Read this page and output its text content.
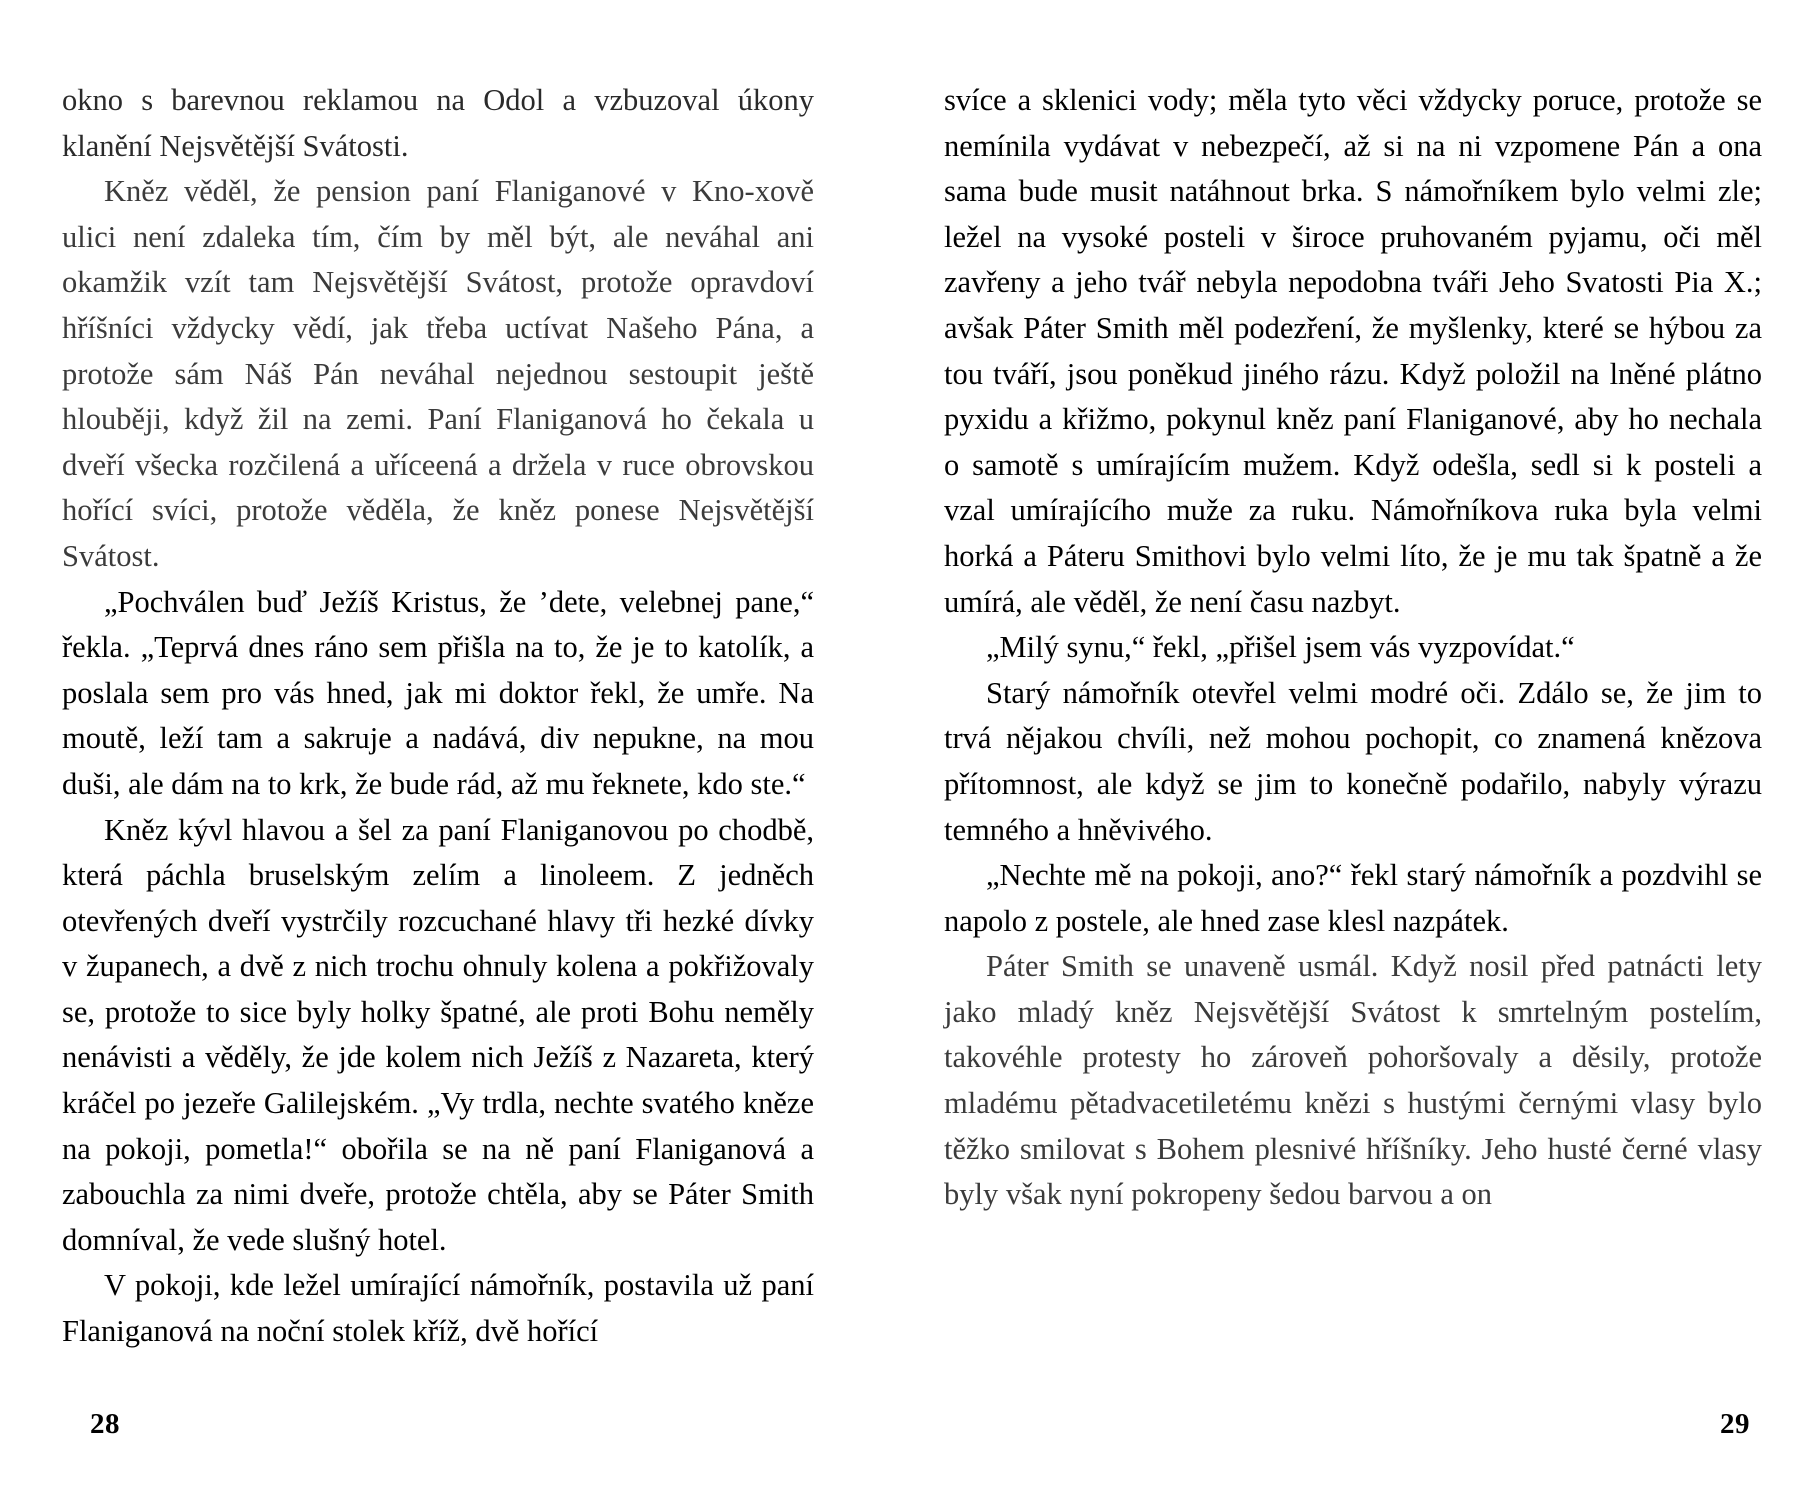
okno s barevnou reklamou na Odol a vzbuzoval úkony klanění Nejsvětější Svátosti.

Kněz věděl, že pension paní Flaniganové v Kno-xově ulici není zdaleka tím, čím by měl být, ale neváhal ani okamžik vzít tam Nejsvětější Svátost, protože opravdoví hříšníci vždycky vědí, jak třeba uctívat Našeho Pána, a protože sám Náš Pán neváhal nejednou sestoupit ještě hlouběji, když žil na zemi. Paní Flaniganová ho čekala u dveří všecka rozčilená a uříceená a držela v ruce obrovskou hořící svíci, protože věděla, že kněz ponese Nejsvětější Svátost.

„Pochválen buď Ježíš Kristus, že ’dete, velebnej pane,“ řekla. „Teprvá dnes ráno sem přišla na to, že je to katolík, a poslala sem pro vás hned, jak mi doktor řekl, že umře. Na moutě, leží tam a sakruje a nadává, div nepukne, na mou duši, ale dám na to krk, že bude rád, až mu řeknete, kdo ste.“

Kněz kývl hlavou a šel za paní Flaniganovou po chodbě, která páchla bruselským zelím a linoleem. Z jedněch otevřených dveří vystrčily rozcuchané hlavy tři hezké dívky v županech, a dvě z nich trochu ohnuly kolena a pokřižovaly se, protože to sice byly holky špatné, ale proti Bohu neměly nenávisti a věděly, že jde kolem nich Ježíš z Nazareta, který kráčel po jezeře Galilejském. „Vy trdla, nechte svatého kněze na pokoji, pometla!“ obořila se na ně paní Flaniganová a zabouchla za nimi dveře, protože chtěla, aby se Páter Smith domníval, že vede slušný hotel.

V pokoji, kde ležel umírající námořník, postavila už paní Flaniganová na noční stolek kříž, dvě hořící

svíce a sklenici vody; měla tyto věci vždycky poruce, protože se nemínila vydávat v nebezpečí, až si na ni vzpomene Pán a ona sama bude musit natáhnout brka. S námořníkem bylo velmi zle; ležel na vysoké posteli v široce pruhovaném pyjamu, oči měl zavřeny a jeho tvář nebyla nepodobna tváři Jeho Svatosti Pia X.; avšak Páter Smith měl podezření, že myšlenky, které se hýbou za tou tváří, jsou poněkud jiného rázu. Když položil na lněné plátno pyxidu a křižmo, pokynul kněz paní Flaniganové, aby ho nechala o samotě s umírajícím mužem. Když odešla, sedl si k posteli a vzal umírajícího muže za ruku. Námořníkova ruka byla velmi horká a Páteru Smithovi bylo velmi líto, že je mu tak špatně a že umírá, ale věděl, že není času nazbyt.

„Milý synu,“ řekl, „přišel jsem vás vyzpovídat.“

Starý námořník otevřel velmi modré oči. Zdálo se, že jim to trvá nějakou chvíli, než mohou pochopit, co znamená knězova přítomnost, ale když se jim to konečně podařilo, nabyly výrazu temného a hněvivého.

„Nechte mě na pokoji, ano?“ řekl starý námořník a pozdvihl se napolo z postele, ale hned zase klesl nazpátek.

Páter Smith se unaveně usmál. Když nosil před patnácti lety jako mladý kněz Nejsvětější Svátost k smrtelným postelím, takovéhle protesty ho zároveň pohoršovaly a děsily, protože mladému pětadvacetiletému knězi s hustými černými vlasy bylo těžko smilovat s Bohem plesnivé hříšníky. Jeho husté černé vlasy byly však nyní pokropeny šedou barvou a on

28	29
